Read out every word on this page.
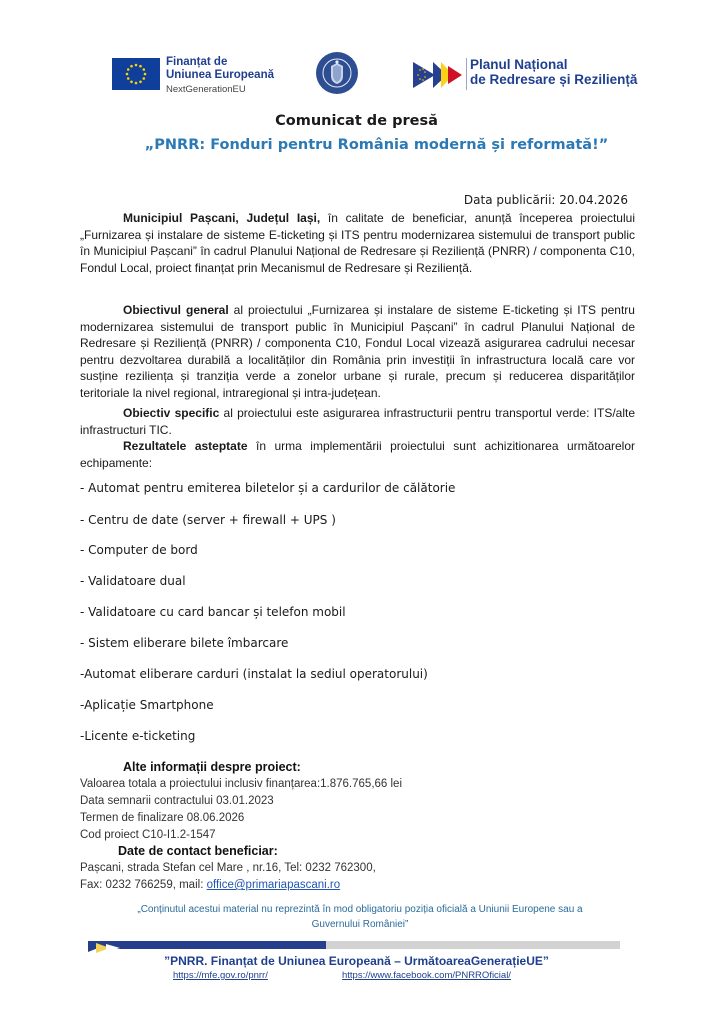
Finanțat de
Uniunea Europeană
NextGenerationEU
Planul Național
de Redresare și Reziliență
Comunicat de presă
„PNRR: Fonduri pentru România modernă și reformată!”
Data publicării: 20.04.2026
Municipiul Pașcani, Județul Iași, în calitate de beneficiar, anunță începerea proiectului „Furnizarea și instalare de sisteme E-ticketing și ITS pentru modernizarea sistemului de transport public în Municipiul Pașcani” în cadrul Planului Național de Redresare și Reziliență (PNRR) / componenta C10, Fondul Local, proiect finanțat prin Mecanismul de Redresare și Reziliență.
Obiectivul general al proiectului „Furnizarea și instalare de sisteme E-ticketing și ITS pentru modernizarea sistemului de transport public în Municipiul Pașcani” în cadrul Planului Național de Redresare și Reziliență (PNRR) / componenta C10, Fondul Local vizează asigurarea cadrului necesar pentru dezvoltarea durabilă a localităților din România prin investiții în infrastructura locală care vor susține reziliența și tranziția verde a zonelor urbane și rurale, precum și reducerea disparităților teritoriale la nivel regional, intraregional și intra-județean.
Obiectiv specific al proiectului este asigurarea infrastructurii pentru transportul verde: ITS/alte infrastructuri TIC.
Rezultatele asteptate în urma implementării proiectului sunt achizitionarea următoarelor echipamente:
- Automat pentru emiterea biletelor și a cardurilor de călătorie
- Centru de date (server + firewall + UPS )
- Computer de bord
- Validatoare dual
- Validatoare cu card bancar și telefon mobil
- Sistem eliberare bilete îmbarcare
-Automat eliberare carduri (instalat la sediul operatorului)
-Aplicație Smartphone
-Licente e-ticketing
Alte informații despre proiect:
Valoarea totala a proiectului inclusiv finanțarea:1.876.765,66 lei
Data semnarii contractului 03.01.2023
Termen de finalizare 08.06.2026
Cod proiect C10-I1.2-1547
Date de contact beneficiar:
Pașcani, strada Stefan cel Mare , nr.16, Tel: 0232 762300,
Fax: 0232 766259, mail: office@primariapascani.ro
„Conținutul acestui material nu reprezintă în mod obligatoriu poziția oficială a Uniunii Europene sau a
Guvernului României”
”PNRR. Finanțat de Uniunea Europeană – UrmătoareaGenerațieUE”
https://mfe.gov.ro/pnrr/	https://www.facebook.com/PNRROficial/
